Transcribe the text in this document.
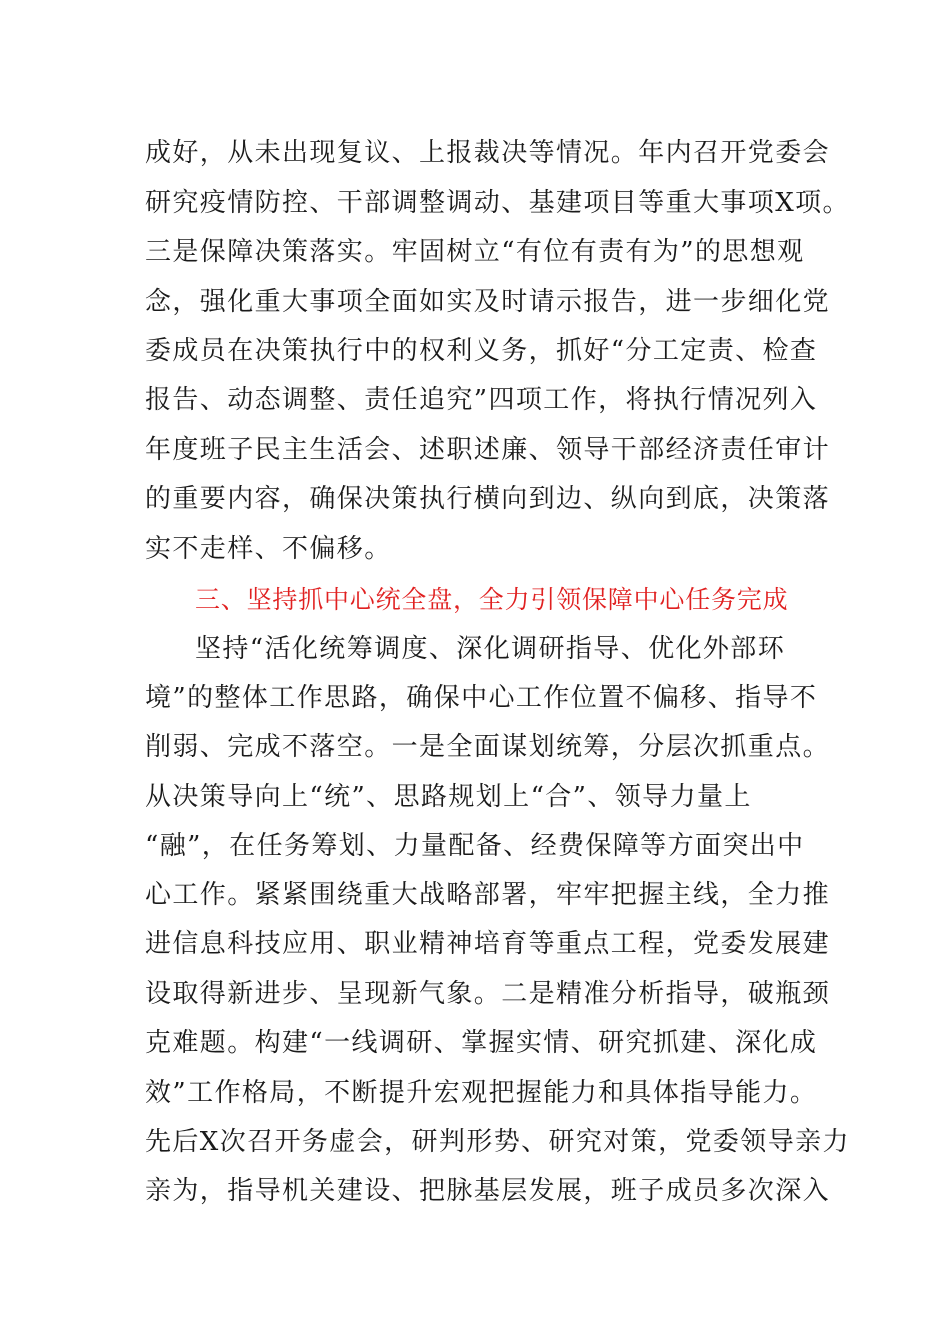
成好，从未出现复议、上报裁决等情况。年内召开党委会
研究疫情防控、干部调整调动、基建项目等重大事项X项。
三是保障决策落实。牢固树立“有位有责有为”的思想观
念，强化重大事项全面如实及时请示报告，进一步细化党
委成员在决策执行中的权利义务，抓好“分工定责、检查
报告、动态调整、责任追究”四项工作，将执行情况列入
年度班子民主生活会、述职述廉、领导干部经济责任审计
的重要内容，确保决策执行横向到边、纵向到底，决策落
实不走样、不偏移。
三、坚持抓中心统全盘，全力引领保障中心任务完成
坚持“活化统筹调度、深化调研指导、优化外部环
境”的整体工作思路，确保中心工作位置不偏移、指导不
削弱、完成不落空。一是全面谋划统筹，分层次抓重点。
从决策导向上“统”、思路规划上“合”、领导力量上
“融”，在任务筹划、力量配备、经费保障等方面突出中
心工作。紧紧围绕重大战略部署，牢牢把握主线，全力推
进信息科技应用、职业精神培育等重点工程，党委发展建
设取得新进步、呈现新气象。二是精准分析指导，破瓶颈
克难题。构建“一线调研、掌握实情、研究抓建、深化成
效”工作格局，不断提升宏观把握能力和具体指导能力。
先后X次召开务虚会，研判形势、研究对策，党委领导亲力
亲为，指导机关建设、把脉基层发展，班子成员多次深入
